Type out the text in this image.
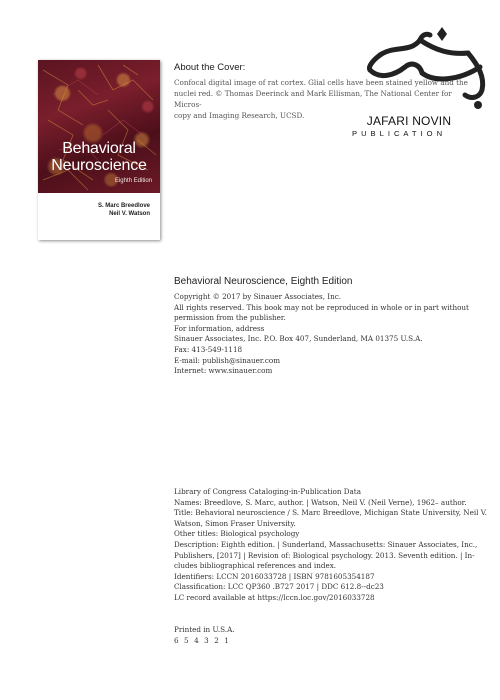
Behavioral
Neuroscience
Eighth Edition
S. Marc Breedlove
Neil V. Watson
About the Cover:
Confocal digital image of rat cortex. Glial cells have been stained yellow and the
nuclei red. © Thomas Deerinck and Mark Ellisman, The National Center for Micros-
copy and Imaging Research, UCSD.	JAFARI NOVIN
PUBLICATION
Behavioral Neuroscience, Eighth Edition
Copyright © 2017 by Sinauer Associates, Inc.
All rights reserved. This book may not be reproduced in whole or in part without
permission from the publisher.
For information, address
Sinauer Associates, Inc. P.O. Box 407, Sunderland, MA 01375 U.S.A.
Fax: 413-549-1118
E-mail: publish@sinauer.com
Internet: www.sinauer.com
Library of Congress Cataloging-in-Publication Data
Names: Breedlove, S. Marc, author. | Watson, Neil V. (Neil Verne), 1962– author.
Title: Behavioral neuroscience / S. Marc Breedlove, Michigan State University, Neil V.
Watson, Simon Fraser University.
Other titles: Biological psychology
Description: Eighth edition. | Sunderland, Massachusetts: Sinauer Associates, Inc.,
Publishers, [2017] | Revision of: Biological psychology. 2013. Seventh edition. | In-
cludes bibliographical references and index.
Identifiers: LCCN 2016033728 | ISBN 9781605354187
Classification: LCC QP360 .B727 2017 | DDC 612.8--dc23
LC record available at https://lccn.loc.gov/2016033728
Printed in U.S.A.
6 5 4 3 2 1
